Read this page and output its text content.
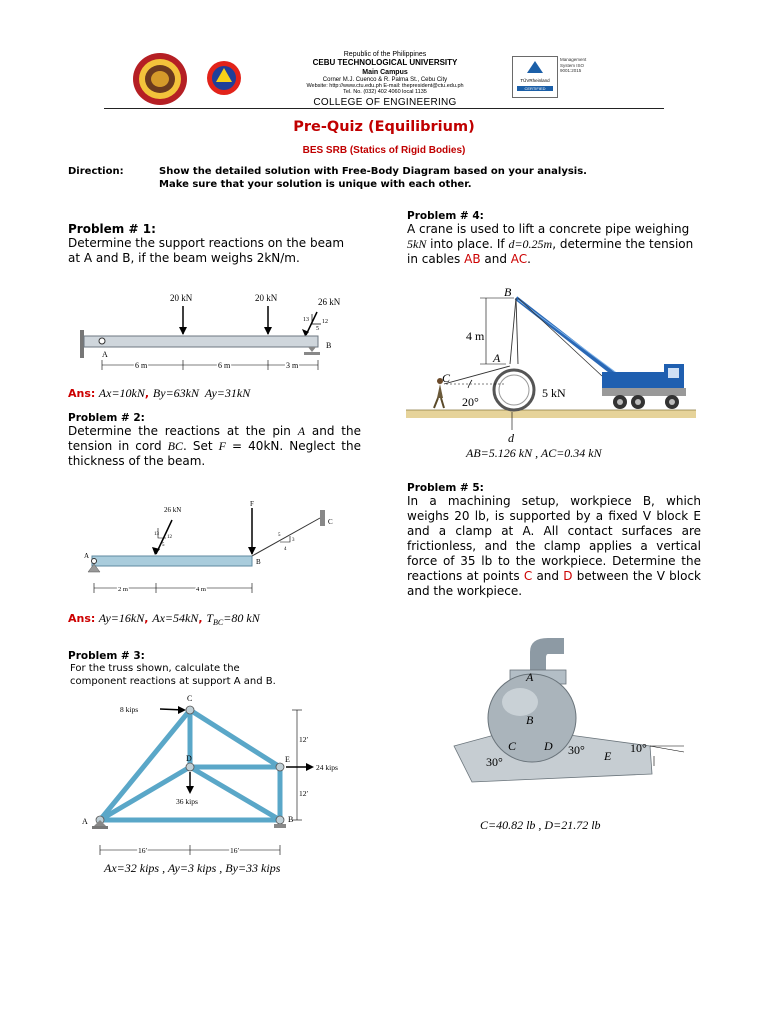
Republic of the Philippines
CEBU TECHNOLOGICAL UNIVERSITY
Main Campus
Corner M.J. Cuenco & R. Palma St., Cebu City
Website: http://www.ctu.edu.ph E-mail: thepresident@ctu.edu.ph
Tel. No. (032) 402 4060 local 1135
COLLEGE OF ENGINEERING
TÜVRheinland
CERTIFIED
Management System ISO 9001:2015
Pre-Quiz (Equilibrium)
BES SRB (Statics of Rigid Bodies)
Direction:	Show the detailed solution with Free-Body Diagram based on your analysis.
Make sure that your solution is unique with each other.
Problem # 1:
Determine the support reactions on the beam at A and B, if the beam weighs 2kN/m.
20 kN	20 kN	26 kN
12
13
5
A
B
6 m	6 m	3 m
Ans: Ax=10kN, By=63kN  Ay=31kN
Problem # 2:
Determine the reactions at the pin A and the tension in cord BC. Set F = 40kN. Neglect the thickness of the beam.
26 kN
F
13
12
5
3
5
4
A
B
C
2 m	4 m
Ans: Ay=16kN, Ax=54kN, $T_{BC}=80$ kN
Problem # 3:
For the truss shown, calculate the component reactions at support A and B.
C
D	E
A	B
8 kips
24 kips
36 kips
12′
12′
16′	16′
Ax=32 kips , Ay=3 kips , By=33 kips
Problem # 4:
A crane is used to lift a concrete pipe weighing 5kN into place. If d=0.25m, determine the tension in cables AB and AC.
B
A
C
4 m
20°
5 kN
d
AB=5.126 kN , AC=0.34 kN
Problem # 5:
In a machining setup, workpiece B, which weighs 20 lb, is supported by a fixed V block E and a clamp at A. All contact surfaces are frictionless, and the clamp applies a vertical force of 35 lb to the workpiece. Determine the reactions at points C and D between the V block and the workpiece.
A
B
C D
E
30°
30°	10°
C=40.82 lb , D=21.72 lb
